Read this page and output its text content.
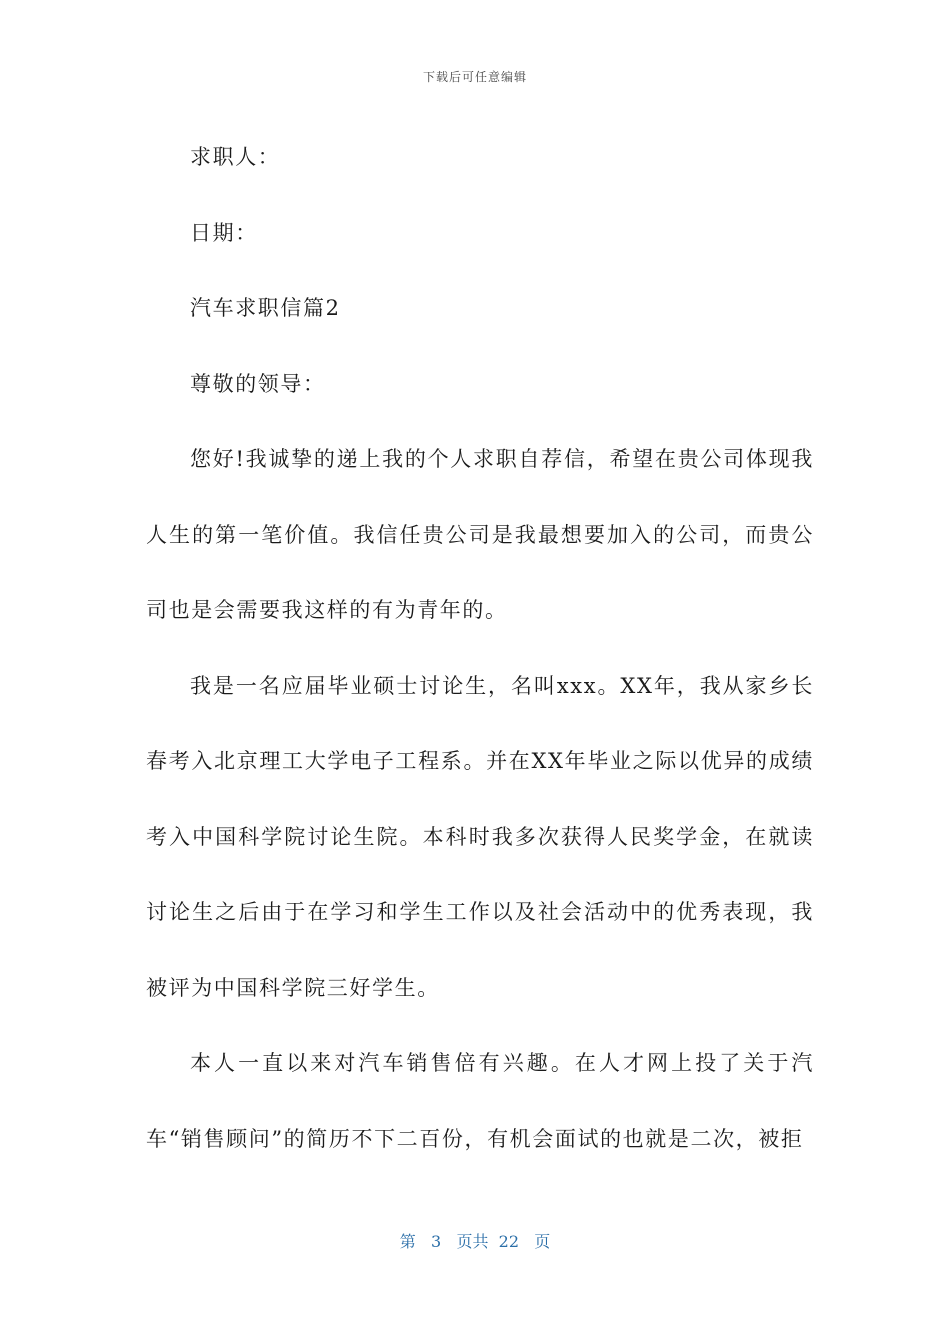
下载后可任意编辑

求职人：

日期：

汽车求职信篇2

尊敬的领导：

您好!我诚挚的递上我的个人求职自荐信，希望在贵公司体现我人生的第一笔价值。我信任贵公司是我最想要加入的公司，而贵公司也是会需要我这样的有为青年的。

我是一名应届毕业硕士讨论生，名叫xxx。XX年，我从家乡长春考入北京理工大学电子工程系。并在XX年毕业之际以优异的成绩考入中国科学院讨论生院。本科时我多次获得人民奖学金，在就读讨论生之后由于在学习和学生工作以及社会活动中的优秀表现，我被评为中国科学院三好学生。

本人一直以来对汽车销售倍有兴趣。在人才网上投了关于汽车“销售顾问”的简历不下二百份，有机会面试的也就是二次，被拒

第 3 页共 22 页
